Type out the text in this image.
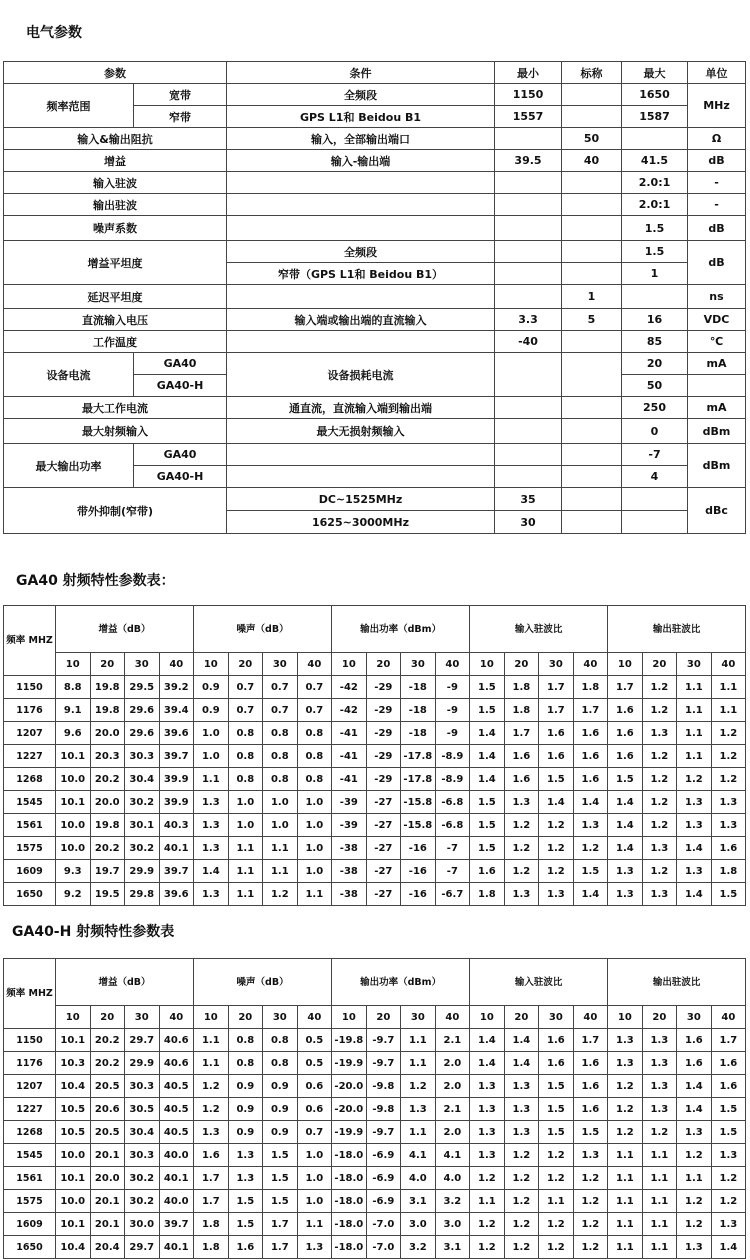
电气参数
参数		条件	最小	标称	最大	单位
频率范围	宽带	全频段	1150		1650	MHz
	窄带	GPS L1和 Beidou B1	1557		1587	
输入&输出阻抗		输入，全部输出端口		50		Ω
增益		输入-输出端	39.5	40	41.5	dB
输入驻波					2.0:1	-
输出驻波					2.0:1	-
噪声系数					1.5	dB
增益平坦度		全频段			1.5	dB
		窄带（GPS L1和 Beidou B1）			1	
延迟平坦度				1		ns
直流输入电压		输入端或输出端的直流输入	3.3	5	16	VDC
工作温度			-40		85	℃
设备电流	GA40	设备损耗电流			20	mA
	GA40-H				50	
最大工作电流		通直流，直流输入端到输出端			250	mA
最大射频输入		最大无损射频输入			0	dBm
最大输出功率	GA40				-7	dBm
	GA40-H				4	
带外抑制(窄带)		DC~1525MHz	35			dBc
		1625~3000MHz	30			
GA40 射频特性参数表：
频率 MHZ	增益（dB）				噪声（dB）				输出功率（dBm）				输入驻波比				输出驻波比			
	10	20	30	40	10	20	30	40	10	20	30	40	10	20	30	40	10	20	30	40
1150	8.8	19.8	29.5	39.2	0.9	0.7	0.7	0.7	-42	-29	-18	-9	1.5	1.8	1.7	1.8	1.7	1.2	1.1	1.1
1176	9.1	19.8	29.6	39.4	0.9	0.7	0.7	0.7	-42	-29	-18	-9	1.5	1.8	1.7	1.7	1.6	1.2	1.1	1.1
1207	9.6	20.0	29.6	39.6	1.0	0.8	0.8	0.8	-41	-29	-18	-9	1.4	1.7	1.6	1.6	1.6	1.3	1.1	1.2
1227	10.1	20.3	30.3	39.7	1.0	0.8	0.8	0.8	-41	-29	-17.8	-8.9	1.4	1.6	1.6	1.6	1.6	1.2	1.1	1.2
1268	10.0	20.2	30.4	39.9	1.1	0.8	0.8	0.8	-41	-29	-17.8	-8.9	1.4	1.6	1.5	1.6	1.5	1.2	1.2	1.2
1545	10.1	20.0	30.2	39.9	1.3	1.0	1.0	1.0	-39	-27	-15.8	-6.8	1.5	1.3	1.4	1.4	1.4	1.2	1.3	1.3
1561	10.0	19.8	30.1	40.3	1.3	1.0	1.0	1.0	-39	-27	-15.8	-6.8	1.5	1.2	1.2	1.3	1.4	1.2	1.3	1.3
1575	10.0	20.2	30.2	40.1	1.3	1.1	1.1	1.0	-38	-27	-16	-7	1.5	1.2	1.2	1.2	1.4	1.3	1.4	1.6
1609	9.3	19.7	29.9	39.7	1.4	1.1	1.1	1.0	-38	-27	-16	-7	1.6	1.2	1.2	1.5	1.3	1.2	1.3	1.8
1650	9.2	19.5	29.8	39.6	1.3	1.1	1.2	1.1	-38	-27	-16	-6.7	1.8	1.3	1.3	1.4	1.3	1.3	1.4	1.5
GA40-H 射频特性参数表
频率 MHZ	增益（dB）				噪声（dB）				输出功率（dBm）				输入驻波比				输出驻波比			
	10	20	30	40	10	20	30	40	10	20	30	40	10	20	30	40	10	20	30	40
1150	10.1	20.2	29.7	40.6	1.1	0.8	0.8	0.5	-19.8	-9.7	1.1	2.1	1.4	1.4	1.6	1.7	1.3	1.3	1.6	1.7
1176	10.3	20.2	29.9	40.6	1.1	0.8	0.8	0.5	-19.9	-9.7	1.1	2.0	1.4	1.4	1.6	1.6	1.3	1.3	1.6	1.6
1207	10.4	20.5	30.3	40.5	1.2	0.9	0.9	0.6	-20.0	-9.8	1.2	2.0	1.3	1.3	1.5	1.6	1.2	1.3	1.4	1.6
1227	10.5	20.6	30.5	40.5	1.2	0.9	0.9	0.6	-20.0	-9.8	1.3	2.1	1.3	1.3	1.5	1.6	1.2	1.3	1.4	1.5
1268	10.5	20.5	30.4	40.5	1.3	0.9	0.9	0.7	-19.9	-9.7	1.1	2.0	1.3	1.3	1.5	1.5	1.2	1.2	1.3	1.5
1545	10.0	20.1	30.3	40.0	1.6	1.3	1.5	1.0	-18.0	-6.9	4.1	4.1	1.3	1.2	1.2	1.3	1.1	1.1	1.2	1.3
1561	10.1	20.0	30.2	40.1	1.7	1.3	1.5	1.0	-18.0	-6.9	4.0	4.0	1.2	1.2	1.2	1.2	1.1	1.1	1.1	1.2
1575	10.0	20.1	30.2	40.0	1.7	1.5	1.5	1.0	-18.0	-6.9	3.1	3.2	1.1	1.2	1.1	1.2	1.1	1.1	1.2	1.2
1609	10.1	20.1	30.0	39.7	1.8	1.5	1.7	1.1	-18.0	-7.0	3.0	3.0	1.2	1.2	1.2	1.2	1.1	1.1	1.2	1.3
1650	10.4	20.4	29.7	40.1	1.8	1.6	1.7	1.3	-18.0	-7.0	3.2	3.1	1.2	1.2	1.2	1.2	1.1	1.1	1.3	1.4
